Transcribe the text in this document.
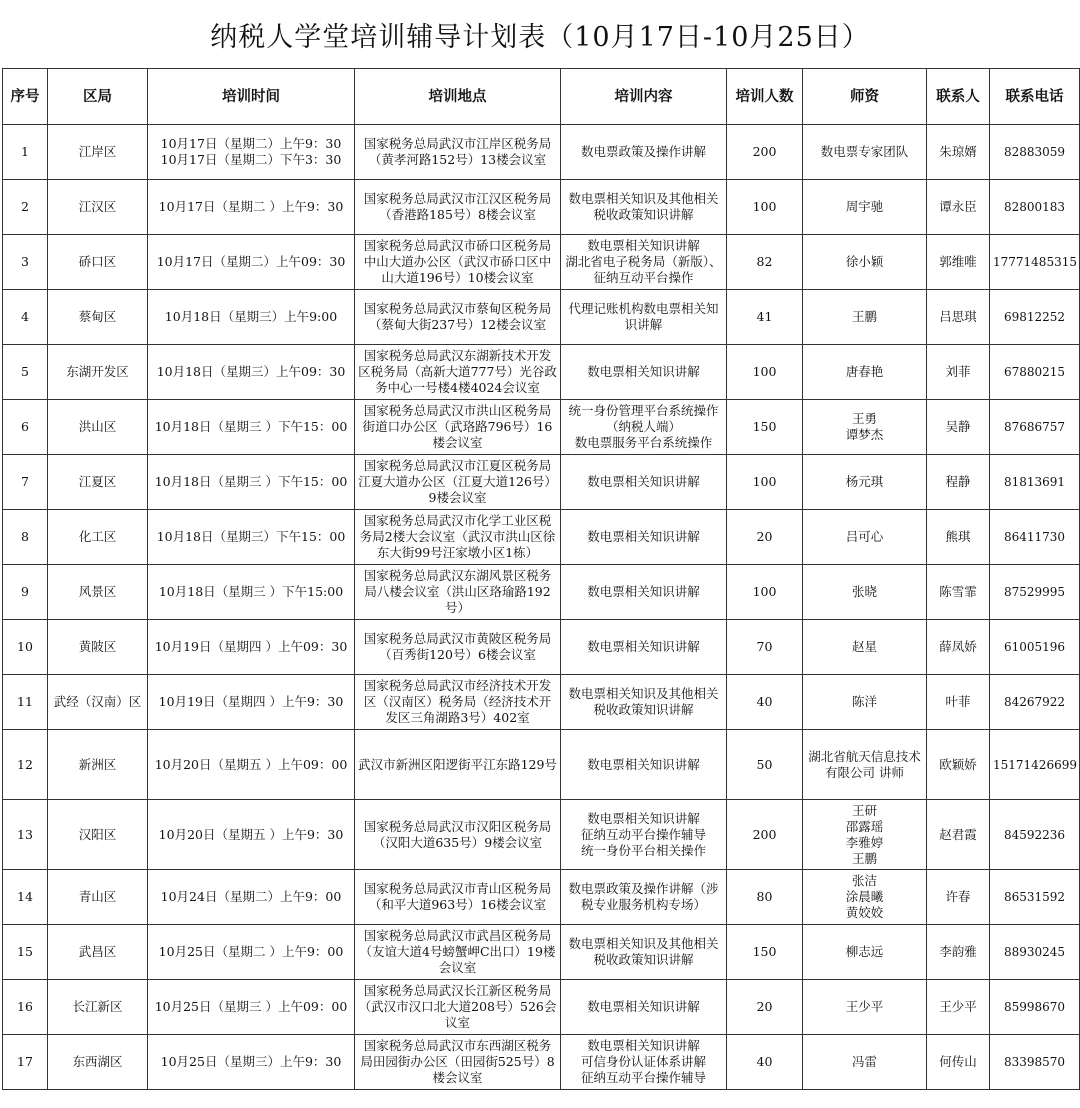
纳税人学堂培训辅导计划表（10月17日-10月25日）
序号	区局	培训时间	培训地点	培训内容	培训人数	师资	联系人	联系电话
1	江岸区	10月17日（星期二）上午9：30
10月17日（星期二）下午3：30	国家税务总局武汉市江岸区税务局（黄孝河路152号）13楼会议室	数电票政策及操作讲解	200	数电票专家团队	朱琼婿	82883059
2	江汉区	10月17日（星期二 ）上午9：30	国家税务总局武汉市江汉区税务局（香港路185号）8楼会议室	数电票相关知识及其他相关税收政策知识讲解	100	周宇驰	谭永臣	82800183
3	硚口区	10月17日（星期二）上午09：30	国家税务总局武汉市硚口区税务局中山大道办公区（武汉市硚口区中山大道196号）10楼会议室	数电票相关知识讲解
湖北省电子税务局（新版）、征纳互动平台操作	82	徐小颖	郭维唯	17771485315
4	蔡甸区	10月18日（星期三）上午9:00	国家税务总局武汉市蔡甸区税务局（蔡甸大街237号）12楼会议室	代理记账机构数电票相关知识讲解	41	王鹏	吕思琪	69812252
5	东湖开发区	10月18日（星期三）上午09：30	国家税务总局武汉东湖新技术开发区税务局（高新大道777号）光谷政务中心一号楼4楼4024会议室	数电票相关知识讲解	100	唐春艳	刘菲	67880215
6	洪山区	10月18日（星期三 ）下午15：00	国家税务总局武汉市洪山区税务局街道口办公区（武珞路796号）16楼会议室	统一身份管理平台系统操作（纳税人端）
数电票服务平台系统操作	150	王勇
谭梦杰	吴静	87686757
7	江夏区	10月18日（星期三 ）下午15：00	国家税务总局武汉市江夏区税务局江夏大道办公区（江夏大道126号）9楼会议室	数电票相关知识讲解	100	杨元琪	程静	81813691
8	化工区	10月18日（星期三）下午15：00	国家税务总局武汉市化学工业区税务局2楼大会议室（武汉市洪山区徐东大街99号汪家墩小区1栋）	数电票相关知识讲解	20	吕可心	熊琪	86411730
9	风景区	10月18日（星期三 ）下午15:00	国家税务总局武汉东湖风景区税务局八楼会议室（洪山区珞瑜路192号）	数电票相关知识讲解	100	张晓	陈雪霏	87529995
10	黄陂区	10月19日（星期四 ）上午09：30	国家税务总局武汉市黄陂区税务局（百秀街120号）6楼会议室	数电票相关知识讲解	70	赵星	薛凤娇	61005196
11	武经（汉南）区	10月19日（星期四 ）上午9：30	国家税务总局武汉市经济技术开发区（汉南区）税务局（经济技术开发区三角湖路3号）402室	数电票相关知识及其他相关税收政策知识讲解	40	陈洋	叶菲	84267922
12	新洲区	10月20日（星期五 ）上午09：00	武汉市新洲区阳逻街平江东路129号	数电票相关知识讲解	50	湖北省航天信息技术有限公司 讲师	欧颖娇	15171426699
13	汉阳区	10月20日（星期五 ）上午9：30	国家税务总局武汉市汉阳区税务局（汉阳大道635号）9楼会议室	数电票相关知识讲解
征纳互动平台操作辅导
统一身份平台相关操作	200	王研
邵露瑶
李雅婷
王鹏	赵君霞	84592236
14	青山区	10月24日（星期二）上午9：00	国家税务总局武汉市青山区税务局（和平大道963号）16楼会议室	数电票政策及操作讲解（涉税专业服务机构专场）	80	张洁
涂晨曦
黄姣姣	许春	86531592
15	武昌区	10月25日（星期二 ）上午9：00	国家税务总局武汉市武昌区税务局（友谊大道4号螃蟹岬C出口）19楼会议室	数电票相关知识及其他相关税收政策知识讲解	150	柳志远	李韵雅	88930245
16	长江新区	10月25日（星期三 ）上午09：00	国家税务总局武汉长江新区税务局（武汉市汉口北大道208号）526会议室	数电票相关知识讲解	20	王少平	王少平	85998670
17	东西湖区	10月25日（星期三）上午9：30	国家税务总局武汉市东西湖区税务局田园街办公区（田园街525号）8楼会议室	数电票相关知识讲解
可信身份认证体系讲解
征纳互动平台操作辅导	40	冯雷	何传山	83398570
